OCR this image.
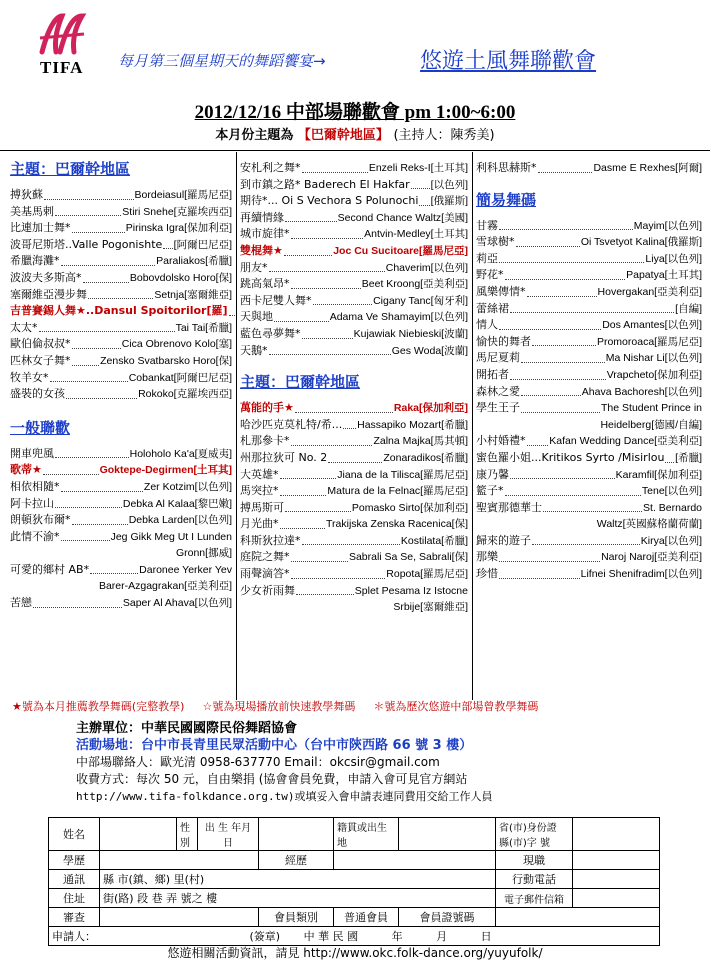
TIFA 每月第三個星期天的舞蹈饗宴→	悠遊土風舞聯歡會
2012/12/16 中部場聯歡會 pm 1:00~6:00
本月份主題為 【巴爾幹地區】 (主持人：陳秀美)
主題：巴爾幹地區
搏狄蘇	Bordeiasul[羅馬尼亞]
美基馬剌	Stiri Snehe[克羅埃西亞]
比連加士舞*	Pirinska Igra[保加利亞]
波哥尼斯塔..Valle Pogonishte [阿爾巴尼亞]
希臘海灘*	Paraliakos[希臘]
波波夫多斯高*	Bobovdolsko Horo[保]
塞爾維亞漫步舞	Setnja[塞爾維亞]
吉普賽錫人舞★..Dansul Spoitorilor[羅]
太太*	Tai Tai[希臘]
歐伯倫叔叔*	Cica Obrenovo Kolo[塞]
匹林女子舞*	Zensko Svatbarsko Horo[保]
牧羊女*	Cobankat[阿爾巴尼亞]
盛裝的女孩	Rokoko[克羅埃西亞]
一般聯歡
開車兜風	Holoholo Ka'a[夏威夷]
歌蒂★	Goktepe-Degirmen[土耳其]
相依相隨*	Zer Kotzim[以色列]
阿卡拉山	Debka Al Kalaa[黎巴嫩]
朗頓狄布爾*	Debka Larden[以色列]
此情不渝*	Jeg Gikk Meg Ut I Lunden
Gronn[挪威]
可愛的鄉村 AB*	Daronee Yerker Yev
Barer-Azgagrakan[亞美利亞]
苦戀	Saper Al Ahava[以色列]
安札利之舞*	Enzeli Reks-I[土耳其]
到市鎮之路* Baderech El Hakfar [以色列]
期待*... Oi S Vechora S Polunochi [俄羅斯]
再續情緣	Second Chance Waltz[美國]
城市旋律*	Antvin-Medley[土耳其]
雙棍舞★	Joc Cu Sucitoare[羅馬尼亞]
朋友*	Chaverim[以色列]
跳高氣昂*	Beet Kroong[亞美利亞]
西卡尼雙人舞*	Cigany Tanc[匈牙利]
天與地	Adama Ve Shamayim[以色列]
藍色尋夢舞*	Kujawiak Niebieski[波蘭]
天鵝*	Ges Woda[波蘭]
主題：巴爾幹地區
萬能的手★	Raka[保加利亞]
哈沙匹克莫札特/希... Hassapiko Mozart[希臘]
札那參卡*	Zalna Majka[馬其頓]
州那拉狄可 No. 2	Zonaradikos[希臘]
大英雄*	Jiana de la Tilisca[羅馬尼亞]
馬突拉*	Matura de la Felnac[羅馬尼亞]
搏馬斯可	Pomasko Sirto[保加利亞]
月光曲*	Trakijska Zenska Racenica[保]
科斯狄拉達*	Kostilata[希臘]
庭院之舞*	Sabrali Sa Se, Sabrali[保]
雨聲滴答*	Ropota[羅馬尼亞]
少女祈雨舞	Splet Pesama Iz Istocne
Srbije[塞爾維亞]
利科思赫斯*	Dasme E Rexhes[阿爾]
簡易舞碼
甘霧	Mayim[以色列]
雪球樹*	Oi Tsvetyot Kalina[俄羅斯]
莉亞	Liya[以色列]
野花*	Papatya[土耳其]
風樂傳情*	Hovergakan[亞美利亞]
蕾絲裙	[自編]
情人	Dos Amantes[以色列]
愉快的舞者	Promoroaca[羅馬尼亞]
馬尼夏莉	Ma Nishar Li[以色列]
開拓者	Vrapcheto[保加利亞]
森林之愛	Ahava Bachoresh[以色列]
學生王子	The Student Prince in
Heidelberg[德國/自編]
小村婚禮* Kafan Wedding Dance[亞美利亞]
蜜色羅小姐...Kritikos Syrto /Misirlou [希臘]
康乃馨	Karamfil[保加利亞]
籃子*	Tene[以色列]
聖賓那德華士	St. Bernardo
Waltz[英國蘇格蘭荷蘭]
歸來的遊子	Kirya[以色列]
那樂	Naroj Naroj[亞美利亞]
珍惜	Lifnei Shenifradim[以色列]
★號為本月推薦教學舞碼(完整教學) ☆號為現場播放前快速教學舞碼 ＊號為歷次悠遊中部場曾教學舞碼
主辦單位：中華民國國際民俗舞蹈協會
活動場地：台中市長青里民眾活動中心（台中市陝西路 66 號 3 樓）
中部場聯絡人：歐光清 0958-637770 Email：okcsir@gmail.com
收費方式：每次 50 元，自由樂捐 (協會會員免費，申請入會可見官方網站
http://www.tifa-folkdance.org.tw)或填妥入會申請表連同費用交給工作人員
姓名		性別	出 生 年月日		籍貫或出生地		省(市)身份證 縣(市)字 號	
學歷				經歷			現職	
通訊	縣 市(鎮、鄉) 里(村)						行動電話	
住址	街(路) 段 巷 弄 號之 樓						電子郵件信箱	
審查				會員類別	普通會員	會員證號碼		
申請人： (簽章) 中 華 民 國 年 月 日								
悠遊相關活動資訊，請見 http://www.okc.folk-dance.org/yuyufolk/
